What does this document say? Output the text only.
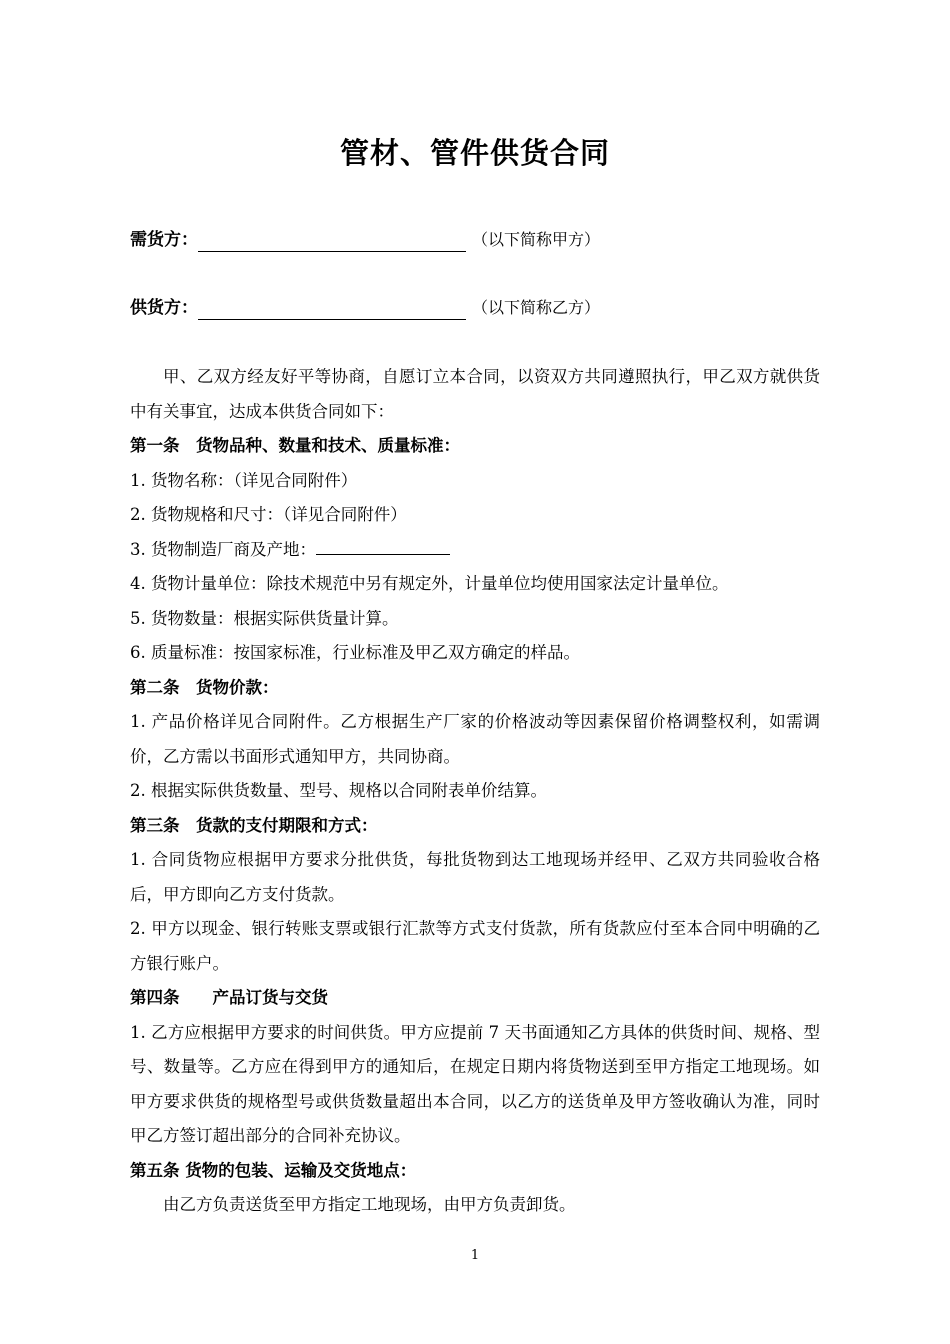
管材、管件供货合同
需货方：	（以下简称甲方）
供货方：	（以下简称乙方）

甲、乙双方经友好平等协商，自愿订立本合同，以资双方共同遵照执行，甲乙双方就供货中有关事宜，达成本供货合同如下：

第一条　货物品种、数量和技术、质量标准：

1. 货物名称：（详见合同附件）

2. 货物规格和尺寸：（详见合同附件）

3. 货物制造厂商及产地：

4. 货物计量单位：除技术规范中另有规定外，计量单位均使用国家法定计量单位。

5. 货物数量：根据实际供货量计算。

6. 质量标准：按国家标准，行业标准及甲乙双方确定的样品。

第二条　货物价款：

1. 产品价格详见合同附件。乙方根据生产厂家的价格波动等因素保留价格调整权利，如需调价，乙方需以书面形式通知甲方，共同协商。

2. 根据实际供货数量、型号、规格以合同附表单价结算。

第三条　货款的支付期限和方式：

1. 合同货物应根据甲方要求分批供货，每批货物到达工地现场并经甲、乙双方共同验收合格后，甲方即向乙方支付货款。

2. 甲方以现金、银行转账支票或银行汇款等方式支付货款，所有货款应付至本合同中明确的乙方银行账户。

第四条　　产品订货与交货

1. 乙方应根据甲方要求的时间供货。甲方应提前 7 天书面通知乙方具体的供货时间、规格、型号、数量等。乙方应在得到甲方的通知后，在规定日期内将货物送到至甲方指定工地现场。如甲方要求供货的规格型号或供货数量超出本合同，以乙方的送货单及甲方签收确认为准，同时甲乙方签订超出部分的合同补充协议。

第五条 货物的包装、运输及交货地点：

由乙方负责送货至甲方指定工地现场，由甲方负责卸货。

1
